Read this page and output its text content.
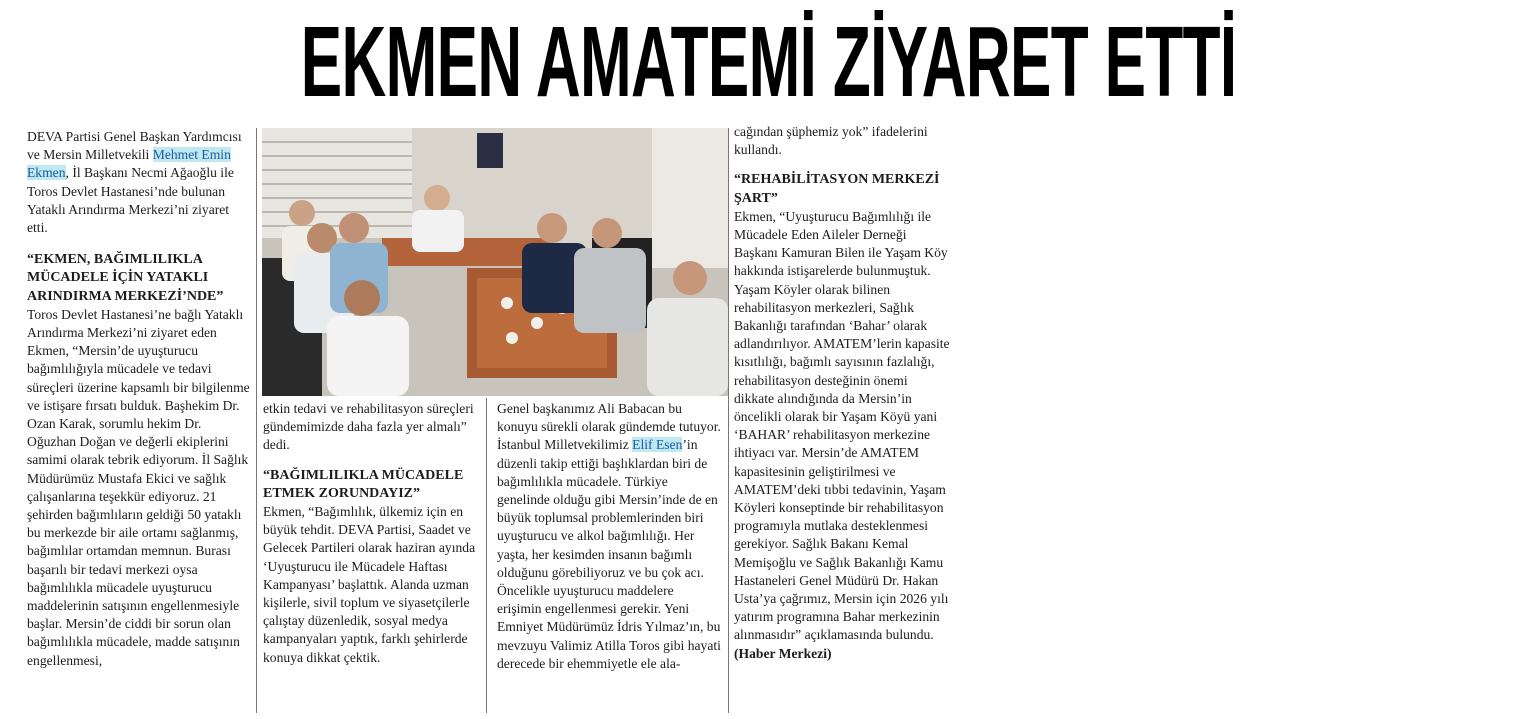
EKMEN AMATEMİ ZİYARET ETTİ

DEVA Partisi Genel Başkan Yardımcısı ve Mersin Milletvekili Mehmet Emin Ekmen, İl Başkanı Necmi Ağaoğlu ile Toros Devlet Hastanesi’nde bulunan Yataklı Arındırma Merkezi’ni ziyaret etti.

“EKMEN, BAĞIMLILIKLA MÜCADELE İÇİN YATAKLI ARINDIRMA MERKEZİ’NDE”

Toros Devlet Hastanesi’ne bağlı Yataklı Arındırma Merkezi’ni ziyaret eden Ekmen, “Mersin’de uyuşturucu bağımlılığıyla mücadele ve tedavi süreçleri üzerine kapsamlı bir bilgilenme ve istişare fırsatı bulduk. Başhekim Dr. Ozan Karak, sorumlu hekim Dr. Oğuzhan Doğan ve değerli ekiplerini samimi olarak tebrik ediyorum. İl Sağlık Müdürümüz Mustafa Ekici ve sağlık çalışanlarına teşekkür ediyoruz. 21 şehirden bağımlıların geldiği 50 yataklı bu merkezde bir aile ortamı sağlanmış, bağımlılar ortamdan memnun. Burası başarılı bir tedavi merkezi oysa bağımlılıkla mücadele uyuşturucu maddelerinin satışının engellenmesiyle başlar. Mersin’de ciddi bir sorun olan bağımlılıkla mücadele, madde satışının engellenmesi,

etkin tedavi ve rehabilitasyon süreçleri gündemimizde daha fazla yer almalı” dedi.

“BAĞIMLILIKLA MÜCADELE ETMEK ZORUNDAYIZ”

Ekmen, “Bağımlılık, ülkemiz için en büyük tehdit. DEVA Partisi, Saadet ve Gelecek Partileri olarak haziran ayında ‘Uyuşturucu ile Mücadele Haftası Kampanyası’ başlattık. Alanda uzman kişilerle, sivil toplum ve siyasetçilerle çalıştay düzenledik, sosyal medya kampanyaları yaptık, farklı şehirlerde konuya dikkat çektik.

Genel başkanımız Ali Babacan bu konuyu sürekli olarak gündemde tutuyor. İstanbul Milletvekilimiz Elif Esen’in düzenli takip ettiği başlıklardan biri de bağımlılıkla mücadele. Türkiye genelinde olduğu gibi Mersin’inde de en büyük toplumsal problemlerinden biri uyuşturucu ve alkol bağımlılığı. Her yaşta, her kesimden insanın bağımlı olduğunu görebiliyoruz ve bu çok acı. Öncelikle uyuşturucu maddelere erişimin engellenmesi gerekir. Yeni Emniyet Müdürümüz İdris Yılmaz’ın, bu mevzuyu Valimiz Atilla Toros gibi hayati derecede bir ehemmiyetle ele ala-

cağından şüphemiz yok” ifadelerini kullandı.

“REHABİLİTASYON MERKEZİ ŞART”

Ekmen, “Uyuşturucu Bağımlılığı ile Mücadele Eden Aileler Derneği Başkanı Kamuran Bilen ile Yaşam Köy hakkında istişarelerde bulunmuştuk. Yaşam Köyler olarak bilinen rehabilitasyon merkezleri, Sağlık Bakanlığı tarafından ‘Bahar’ olarak adlandırılıyor. AMATEM’lerin kapasite kısıtlılığı, bağımlı sayısının fazlalığı, rehabilitasyon desteğinin önemi dikkate alındığında da Mersin’in öncelikli olarak bir Yaşam Köyü yani ‘BAHAR’ rehabilitasyon merkezine ihtiyacı var. Mersin’de AMATEM kapasitesinin geliştirilmesi ve AMATEM’deki tıbbi tedavinin, Yaşam Köyleri konseptinde bir rehabilitasyon programıyla mutlaka desteklenmesi gerekiyor. Sağlık Bakanı Kemal Memişoğlu ve Sağlık Bakanlığı Kamu Hastaneleri Genel Müdürü Dr. Hakan Usta’ya çağrımız, Mersin için 2026 yılı yatırım programına Bahar merkezinin alınmasıdır” açıklamasında bulundu. (Haber Merkezi)
